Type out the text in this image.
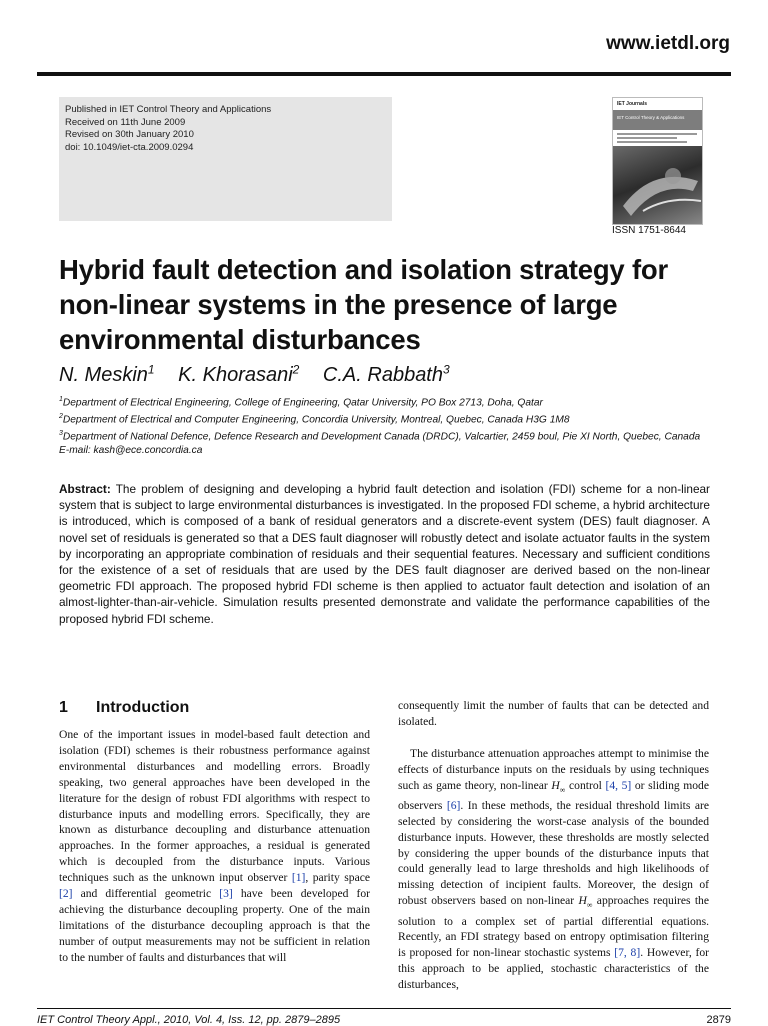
www.ietdl.org
Published in IET Control Theory and Applications
Received on 11th June 2009
Revised on 30th January 2010
doi: 10.1049/iet-cta.2009.0294
IET Journals
IET Control Theory & Applications
ISSN 1751-8644
Hybrid fault detection and isolation strategy for non-linear systems in the presence of large environmental disturbances
N. Meskin$^1$ K. Khorasani$^2$ C.A. Rabbath$^3$
$^1$Department of Electrical Engineering, College of Engineering, Qatar University, PO Box 2713, Doha, Qatar
$^2$Department of Electrical and Computer Engineering, Concordia University, Montreal, Quebec, Canada H3G 1M8
$^3$Department of National Defence, Defence Research and Development Canada (DRDC), Valcartier, 2459 boul, Pie XI North, Quebec, Canada
E-mail: kash@ece.concordia.ca
Abstract: The problem of designing and developing a hybrid fault detection and isolation (FDI) scheme for a non-linear system that is subject to large environmental disturbances is investigated. In the proposed FDI scheme, a hybrid architecture is introduced, which is composed of a bank of residual generators and a discrete-event system (DES) fault diagnoser. A novel set of residuals is generated so that a DES fault diagnoser will robustly detect and isolate actuator faults in the system by incorporating an appropriate combination of residuals and their sequential features. Necessary and sufficient conditions for the existence of a set of residuals that are used by the DES fault diagnoser are derived based on the non-linear geometric FDI approach. The proposed hybrid FDI scheme is then applied to actuator fault detection and isolation of an almost-lighter-than-air-vehicle. Simulation results presented demonstrate and validate the performance capabilities of the proposed hybrid FDI scheme.
1 Introduction

One of the important issues in model-based fault detection and isolation (FDI) schemes is their robustness performance against environmental disturbances and modelling errors. Broadly speaking, two general approaches have been developed in the literature for the design of robust FDI algorithms with respect to disturbance inputs and modelling errors. Specifically, they are known as disturbance decoupling and disturbance attenuation approaches. In the former approaches, a residual is generated which is decoupled from the disturbance inputs. Various techniques such as the unknown input observer [1], parity space [2] and differential geometric [3] have been developed for achieving the disturbance decoupling property. One of the main limitations of the disturbance decoupling approach is that the number of output measurements may not be sufficient in relation to the number of faults and disturbances that will

consequently limit the number of faults that can be detected and isolated.

The disturbance attenuation approaches attempt to minimise the effects of disturbance inputs on the residuals by using techniques such as game theory, non-linear $H_\infty$ control [4, 5] or sliding mode observers [6]. In these methods, the residual threshold limits are selected by considering the worst-case analysis of the bounded disturbance inputs. However, these thresholds are mostly selected by considering the upper bounds of the disturbance inputs that could generally lead to large thresholds and high likelihoods of missing detection of incipient faults. Moreover, the design of robust observers based on non-linear $H_\infty$ approaches requires the solution to a complex set of partial differential equations. Recently, an FDI strategy based on entropy optimisation filtering is proposed for non-linear stochastic systems [7, 8]. However, for this approach to be applied, stochastic characteristics of the disturbances,

IET Control Theory Appl., 2010, Vol. 4, Iss. 12, pp. 2879–2895	2879
